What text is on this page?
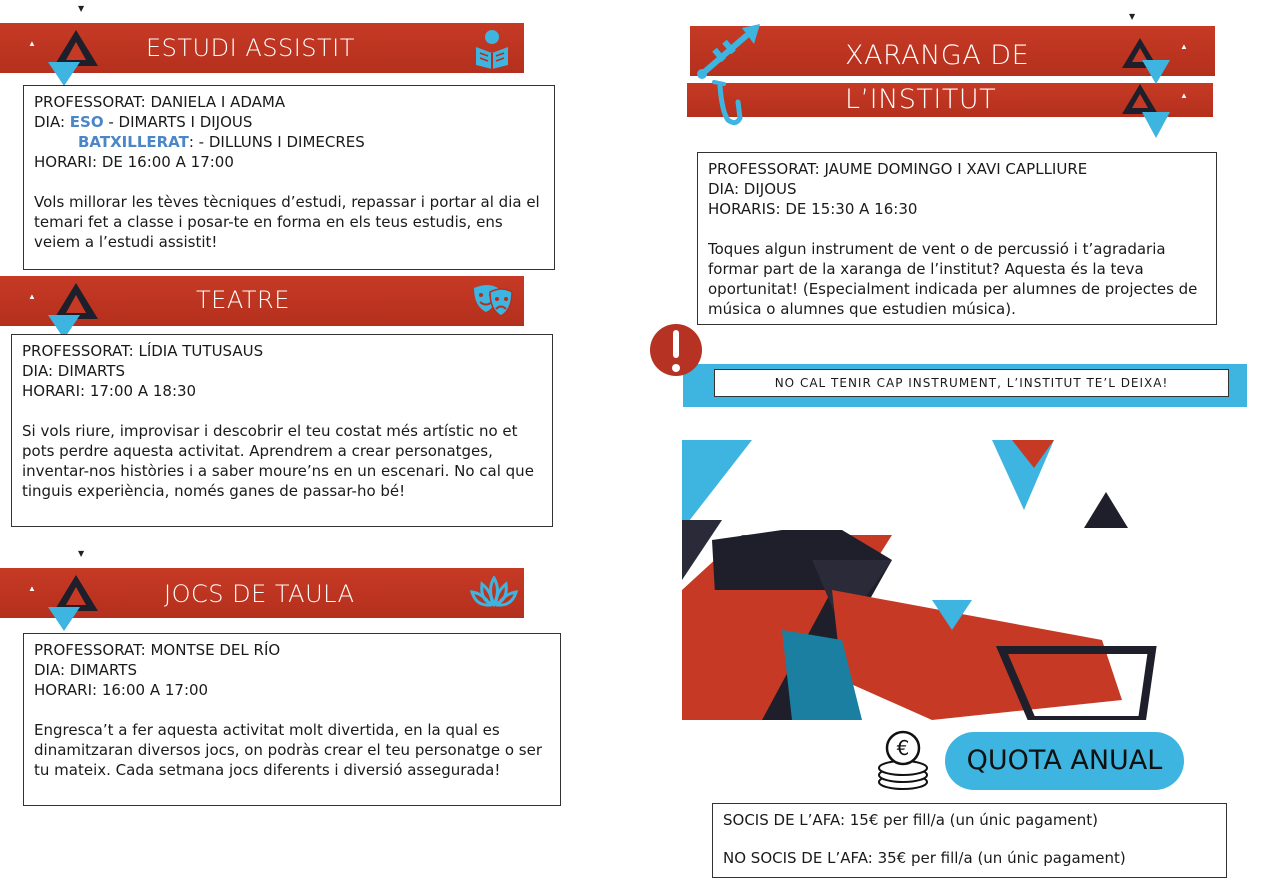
▼
▲	ESTUDI ASSISTIT

PROFESSORAT: DANIELA I ADAMA

DIA: ESO - DIMARTS I DIJOUS

BATXILLERAT: - DILLUNS I DIMECRES

HORARI: DE 16:00 A 17:00

Vols millorar les tèves tècniques d’estudi, repassar i portar al dia el temari fet a classe i posar-te en forma en els teus estudis, ens veiem a l’estudi assistit!

▲	TEATRE

PROFESSORAT: LÍDIA TUTUSAUS

DIA: DIMARTS

HORARI: 17:00 A 18:30

Si vols riure, improvisar i descobrir el teu costat més artístic no et pots perdre aquesta activitat. Aprendrem a crear personatges, inventar-nos històries i a saber moure’ns en un escenari. No cal que tinguis experiència, només ganes de passar-ho bé!

▼
▲	JOCS DE TAULA

PROFESSORAT: MONTSE DEL RÍO

DIA: DIMARTS

HORARI: 16:00 A 17:00

Engresca’t a fer aquesta activitat molt divertida, en la qual es dinamitzaran diversos jocs, on podràs crear el teu personatge o ser tu mateix. Cada setmana jocs diferents i diversió assegurada!

▼
XARANGA DE	▲
L’INSTITUT	▲

PROFESSORAT: JAUME DOMINGO I XAVI CAPLLIURE

DIA: DIJOUS

HORARIS: DE 15:30 A 16:30

Toques algun instrument de vent o de percussió i t’agradaria formar part de la xaranga de l’institut? Aquesta és la teva oportunitat! (Especialment indicada per alumnes de projectes de música o alumnes que estudien música).

NO CAL TENIR CAP INSTRUMENT, L’INSTITUT TE’L DEIXA!
€	QUOTA ANUAL

SOCIS DE L’AFA: 15€ per fill/a (un únic pagament)

NO SOCIS DE L’AFA: 35€ per fill/a (un únic pagament)
